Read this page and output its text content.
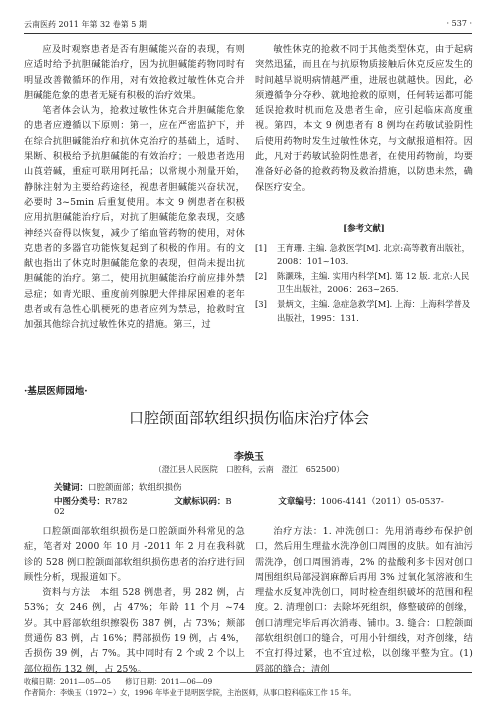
云南医药 2011 年第 32 卷第 5 期	· 537 ·

应及时观察患者是否有胆碱能兴奋的表现，有则应适时给予抗胆碱能治疗，因为抗胆碱能药物同时有明显改善微循环的作用，对有效抢救过敏性休克合并胆碱能危象的患者无疑有积极的治疗效果。

笔者体会认为，抢救过敏性休克合并胆碱能危象的患者应遵循以下原则：第一，应在严密监护下，并在综合抗胆碱能治疗和抗休克治疗的基础上，适时、果断、积极给予抗胆碱能的有效治疗；一般患者选用山莨菪碱，重症可联用阿托品；以常规小剂量开始，静脉注射为主要给药途径，视患者胆碱能兴奋状况，必要时 3~5min 后重复使用。本文 9 例患者在积极应用抗胆碱能治疗后，对抗了胆碱能危象表现，交感神经兴奋得以恢复，减少了缩血管药物的使用，对休克患者的多器官功能恢复起到了积极的作用。有的文献也指出了休克时胆碱能危象的表现，但尚未提出抗胆碱能的治疗。第二，使用抗胆碱能治疗前应排外禁忌症；如青光眼、重度前列腺肥大伴排尿困难的老年患者或有急性心肌梗死的患者应列为禁忌，抢救时宜加强其他综合抗过敏性休克的措施。第三，过

敏性休克的抢救不同于其他类型休克，由于起病突然迅猛，而且在与抗原物质接触后休克反应发生的时间越早说明病情越严重，进展也就越快。因此，必须遵循争分夺秒、就地抢救的原则，任何转运都可能延误抢救时机而危及患者生命，应引起临床高度重视。第四，本文 9 例患者有 8 例均在药敏试验阴性后使用药物时发生过敏性休克，与文献报道相符。因此，凡对于药敏试验阴性患者，在使用药物前，均要准备好必备的抢救药物及救治措施，以防患未然，确保医疗安全。

[参考文献]
[1]	王育珊. 主编. 急救医学[M]. 北京:高等教育出版社，2008：101~103.
[2]	陈灏珠，主编. 实用内科学[M]. 第 12 版. 北京:人民卫生出版社，2006：263~265.
[3]	景炳文，主编. 急症急救学[M]. 上海：上海科学普及出版社，1995：131.
·基层医师园地·
口腔颌面部软组织损伤临床治疗体会
李焕玉
（澄江县人民医院　口腔科，云南　澄江　652500）
关键词：口腔颌面部；软组织损伤
中图分类号：R782	文献标识码：B	文章编号：1006-4141（2011）05-0537-02

口腔颌面部软组织损伤是口腔颌面外科常见的急症，笔者对 2000 年 10 月 -2011 年 2 月在我科就诊的 528 例口腔颌面部软组织损伤患者的治疗进行回顾性分析，现报道如下。

资料与方法　本组 528 例患者，男 282 例，占 53%；女 246 例，占 47%；年龄 11 个月 ~74 岁。其中唇部软组织擦裂伤 387 例，占 73%；颊部贯通伤 83 例，占 16%；腭部损伤 19 例，占 4%，舌损伤 39 例，占 7%。其中同时有 2 个或 2 个以上部位损伤 132 例，占 25%。

治疗方法：1. 冲洗创口：先用消毒纱布保护创口，然后用生理盐水洗净创口周围的皮肤。如有油污需洗净，创口周围消毒，2% 的盐酸利多卡因对创口周围组织局部浸润麻醉后再用 3% 过氧化氢溶液和生理盐水反复冲洗创口，同时检查组织破坏的范围和程度。2. 清理创口：去除坏死组织，修整破碎的创缘，创口清理完毕后再次消毒、铺巾。3. 缝合：口腔颌面部软组织创口的缝合，可用小针细线，对齐创缘，结不宜打得过紧，也不宜过松，以创缘平整为宜。(1) 唇部的缝合：清创

收稿日期：2011—05—05　　修订日期：2011—06—09
作者简介：李焕玉（1972~）女，1996 年毕业于昆明医学院，主治医师，从事口腔科临床工作 15 年。
